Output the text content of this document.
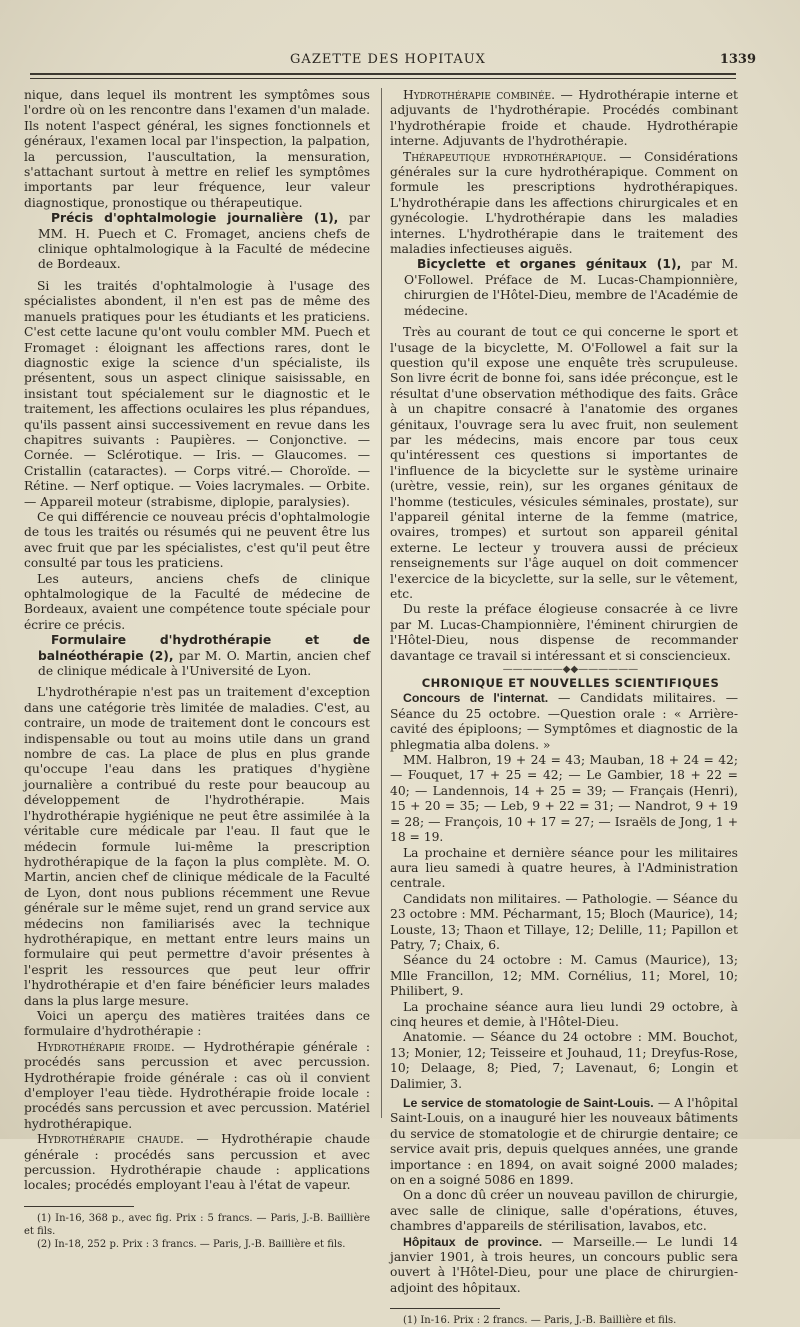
GAZETTE DES HOPITAUX	1339

nique, dans lequel ils montrent les symptômes sous l'ordre où on les rencontre dans l'examen d'un malade. Ils notent l'aspect général, les signes fonctionnels et généraux, l'examen local par l'inspection, la palpation, la percussion, l'auscultation, la mensuration, s'attachant surtout à mettre en relief les symptômes importants par leur fréquence, leur valeur diagnostique, pronostique ou thérapeutique.

Précis d'ophtalmologie journalière (1), par MM. H. Puech et C. Fromaget, anciens chefs de clinique ophtalmologique à la Faculté de médecine de Bordeaux.

Si les traités d'ophtalmologie à l'usage des spécialistes abondent, il n'en est pas de même des manuels pratiques pour les étudiants et les praticiens. C'est cette lacune qu'ont voulu combler MM. Puech et Fromaget : éloignant les affections rares, dont le diagnostic exige la science d'un spécialiste, ils présentent, sous un aspect clinique saisissable, en insistant tout spécialement sur le diagnostic et le traitement, les affections oculaires les plus répandues, qu'ils passent ainsi successivement en revue dans les chapitres suivants : Paupières. — Conjonctive. — Cornée. — Sclérotique. — Iris. — Glaucomes. — Cristallin (cataractes). — Corps vitré.— Choroïde. — Rétine. — Nerf optique. — Voies lacrymales. — Orbite. — Appareil moteur (strabisme, diplopie, paralysies).

Ce qui différencie ce nouveau précis d'ophtalmologie de tous les traités ou résumés qui ne peuvent être lus avec fruit que par les spécialistes, c'est qu'il peut être consulté par tous les praticiens.

Les auteurs, anciens chefs de clinique ophtalmologique de la Faculté de médecine de Bordeaux, avaient une compétence toute spéciale pour écrire ce précis.

Formulaire d'hydrothérapie et de balnéothérapie (2), par M. O. Martin, ancien chef de clinique médicale à l'Université de Lyon.

L'hydrothérapie n'est pas un traitement d'exception dans une catégorie très limitée de maladies. C'est, au contraire, un mode de traitement dont le concours est indispensable ou tout au moins utile dans un grand nombre de cas. La place de plus en plus grande qu'occupe l'eau dans les pratiques d'hygiène journalière a contribué du reste pour beaucoup au développement de l'hydrothérapie. Mais l'hydrothérapie hygiénique ne peut être assimilée à la véritable cure médicale par l'eau. Il faut que le médecin formule lui-même la prescription hydrothérapique de la façon la plus complète. M. O. Martin, ancien chef de clinique médicale de la Faculté de Lyon, dont nous publions récemment une Revue générale sur le même sujet, rend un grand service aux médecins non familiarisés avec la technique hydrothérapique, en mettant entre leurs mains un formulaire qui peut permettre d'avoir présentes à l'esprit les ressources que peut leur offrir l'hydrothérapie et d'en faire bénéficier leurs malades dans la plus large mesure.

Voici un aperçu des matières traitées dans ce formulaire d'hydrothérapie :

Hydrothérapie froide. — Hydrothérapie générale : procédés sans percussion et avec percussion. Hydrothérapie froide générale : cas où il convient d'employer l'eau tiède. Hydrothérapie froide locale : procédés sans percussion et avec percussion. Matériel hydrothérapique.

Hydrothérapie chaude. — Hydrothérapie chaude générale : procédés sans percussion et avec percussion. Hydrothérapie chaude : applications locales; procédés employant l'eau à l'état de vapeur.

(1) In-16, 368 p., avec fig. Prix : 5 francs. — Paris, J.-B. Baillière et fils.

(2) In-18, 252 p. Prix : 3 francs. — Paris, J.-B. Baillière et fils.

Hydrothérapie combinée. — Hydrothérapie interne et adjuvants de l'hydrothérapie. Procédés combinant l'hydrothérapie froide et chaude. Hydrothérapie interne. Adjuvants de l'hydrothérapie.

Thérapeutique hydrothérapique. — Considérations générales sur la cure hydrothérapique. Comment on formule les prescriptions hydrothérapiques. L'hydrothérapie dans les affections chirurgicales et en gynécologie. L'hydrothérapie dans les maladies internes. L'hydrothérapie dans le traitement des maladies infectieuses aiguës.

Bicyclette et organes génitaux (1), par M. O'Followel. Préface de M. Lucas-Championnière, chirurgien de l'Hôtel-Dieu, membre de l'Académie de médecine.

Très au courant de tout ce qui concerne le sport et l'usage de la bicyclette, M. O'Followel a fait sur la question qu'il expose une enquête très scrupuleuse. Son livre écrit de bonne foi, sans idée préconçue, est le résultat d'une observation méthodique des faits. Grâce à un chapitre consacré à l'anatomie des organes génitaux, l'ouvrage sera lu avec fruit, non seulement par les médecins, mais encore par tous ceux qu'intéressent ces questions si importantes de l'influence de la bicyclette sur le système urinaire (urètre, vessie, rein), sur les organes génitaux de l'homme (testicules, vésicules séminales, prostate), sur l'appareil génital interne de la femme (matrice, ovaires, trompes) et surtout son appareil génital externe. Le lecteur y trouvera aussi de précieux renseignements sur l'âge auquel on doit commencer l'exercice de la bicyclette, sur la selle, sur le vêtement, etc.

Du reste la préface élogieuse consacrée à ce livre par M. Lucas-Championnière, l'éminent chirurgien de l'Hôtel-Dieu, nous dispense de recommander davantage ce travail si intéressant et si consciencieux.

——————◆◆——————

CHRONIQUE ET NOUVELLES SCIENTIFIQUES

Concours de l'internat. — Candidats militaires. — Séance du 25 octobre. —Question orale : « Arrière-cavité des épiploons; — Symptômes et diagnostic de la phlegmatia alba dolens. »

MM. Halbron, 19 + 24 = 43; Mauban, 18 + 24 = 42; — Fouquet, 17 + 25 = 42; — Le Gambier, 18 + 22 = 40; — Landennois, 14 + 25 = 39; — Français (Henri), 15 + 20 = 35; — Leb, 9 + 22 = 31; — Nandrot, 9 + 19 = 28; — François, 10 + 17 = 27; — Israëls de Jong, 1 + 18 = 19.

La prochaine et dernière séance pour les militaires aura lieu samedi à quatre heures, à l'Administration centrale.

Candidats non militaires. — Pathologie. — Séance du 23 octobre : MM. Pécharmant, 15; Bloch (Maurice), 14; Louste, 13; Thaon et Tillaye, 12; Delille, 11; Papillon et Patry, 7; Chaix, 6.

Séance du 24 octobre : M. Camus (Maurice), 13; Mlle Francillon, 12; MM. Cornélius, 11; Morel, 10; Philibert, 9.

La prochaine séance aura lieu lundi 29 octobre, à cinq heures et demie, à l'Hôtel-Dieu.

Anatomie. — Séance du 24 octobre : MM. Bouchot, 13; Monier, 12; Teisseire et Jouhaud, 11; Dreyfus-Rose, 10; Delaage, 8; Pied, 7; Lavenaut, 6; Longin et Dalimier, 3.

Le service de stomatologie de Saint-Louis. — A l'hôpital Saint-Louis, on a inauguré hier les nouveaux bâtiments du service de stomatologie et de chirurgie dentaire; ce service avait pris, depuis quelques années, une grande importance : en 1894, on avait soigné 2000 malades; on en a soigné 5086 en 1899.

On a donc dû créer un nouveau pavillon de chirurgie, avec salle de clinique, salle d'opérations, étuves, chambres d'appareils de stérilisation, lavabos, etc.

Hôpitaux de province. — Marseille.— Le lundi 14 janvier 1901, à trois heures, un concours public sera ouvert à l'Hôtel-Dieu, pour une place de chirurgien-adjoint des hôpitaux.

(1) In-16. Prix : 2 francs. — Paris, J.-B. Baillière et fils.
